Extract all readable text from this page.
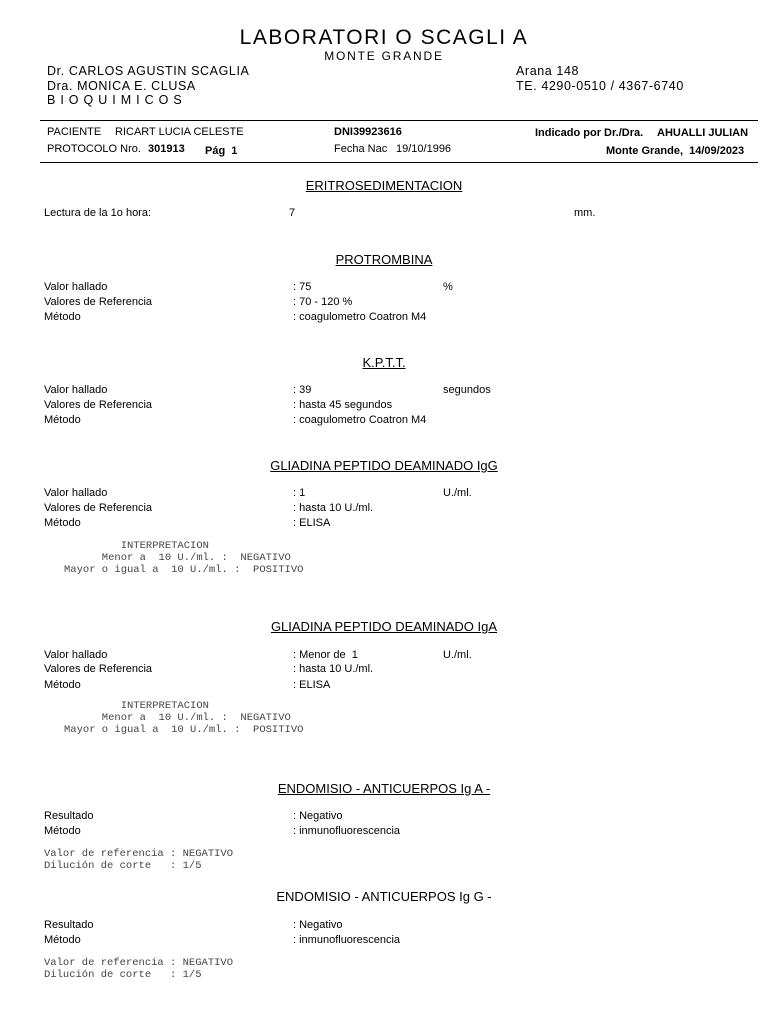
LABORATORI O SCAGLI A
MONTE GRANDE
Dr. CARLOS AGUSTIN SCAGLIA
Dra. MONICA E. CLUSA
BIOQUIMICOS
Arana 148
TE. 4290-0510 / 4367-6740
PACIENTE RICART LUCIA CELESTE	DNI39923616	Indicado por Dr./Dra. AHUALLI JULIAN
PROTOCOLO Nro. 301913 Pág  1	Fecha Nac 19/10/1996	Monte Grande,  14/09/2023
ERITROSEDIMENTACION
Lectura de la 1o hora:	7	mm.
PROTROMBINA
Valor hallado	: 75	%
Valores de Referencia	: 70 - 120 %
Método	: coagulometro Coatron M4
K.P.T.T.
Valor hallado	: 39	segundos
Valores de Referencia	: hasta 45 segundos
Método	: coagulometro Coatron M4
GLIADINA PEPTIDO DEAMINADO IgG
Valor hallado	: 1	U./ml.
Valores de Referencia	: hasta 10 U./ml.
Método	: ELISA
INTERPRETACION
Menor a  10 U./ml. :  NEGATIVO
Mayor o igual a  10 U./ml. :  POSITIVO
GLIADINA PEPTIDO DEAMINADO IgA
Valor hallado	: Menor de  1	U./ml.
Valores de Referencia	: hasta 10 U./ml.
Método	: ELISA
INTERPRETACION
Menor a  10 U./ml. :  NEGATIVO
Mayor o igual a  10 U./ml. :  POSITIVO
ENDOMISIO - ANTICUERPOS Ig A -
Resultado	: Negativo
Método	: inmunofluorescencia
Valor de referencia : NEGATIVO
Dilución de corte   : 1/5
ENDOMISIO - ANTICUERPOS Ig G -
Resultado	: Negativo
Método	: inmunofluorescencia
Valor de referencia : NEGATIVO
Dilución de corte   : 1/5
